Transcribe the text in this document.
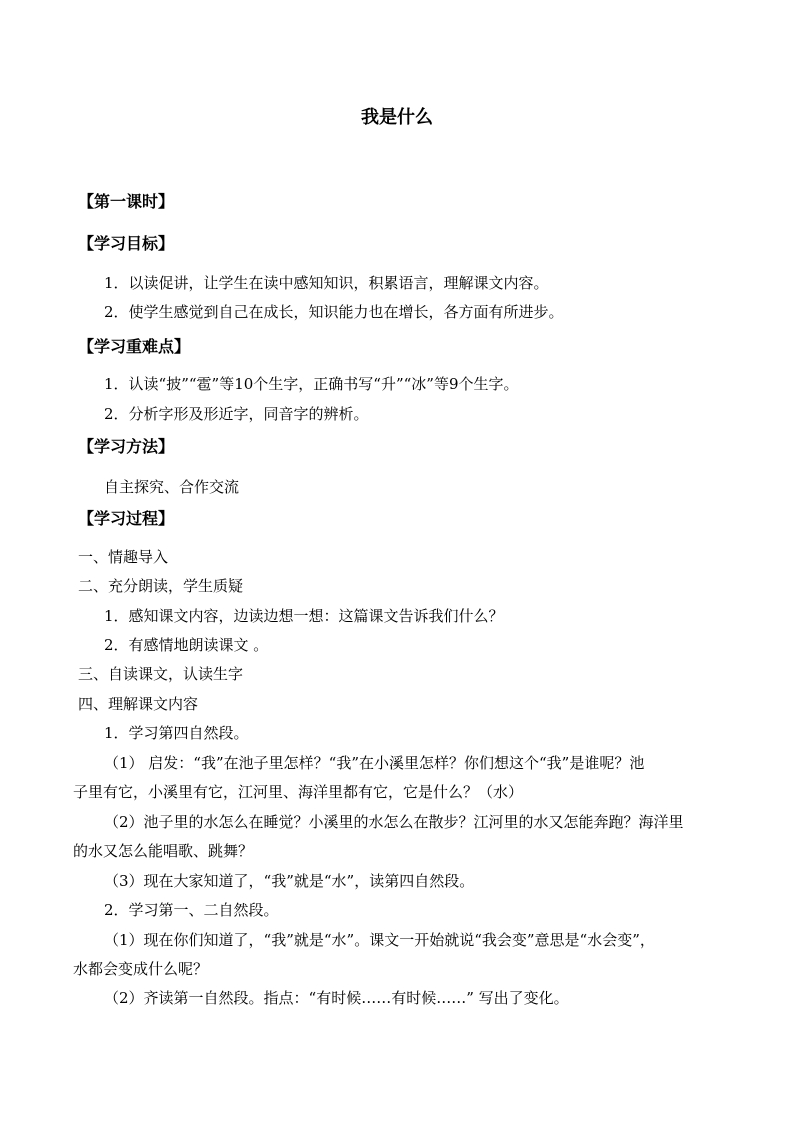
我是什么
【第一课时】
【学习目标】
1．以读促讲，让学生在读中感知知识，积累语言，理解课文内容。
2．使学生感觉到自己在成长，知识能力也在增长，各方面有所进步。
【学习重难点】
1．认读“披”“雹”等10个生字，正确书写“升”“冰”等9个生字。
2．分析字形及形近字，同音字的辨析。
【学习方法】
自主探究、合作交流
【学习过程】
一、情趣导入
二、充分朗读，学生质疑
1．感知课文内容，边读边想一想：这篇课文告诉我们什么？
2．有感情地朗读课文 。
三、自读课文，认读生字
四、理解课文内容
1．学习第四自然段。
（1） 启发：“我”在池子里怎样？“我”在小溪里怎样？你们想这个“我”是谁呢？池
子里有它，小溪里有它，江河里、海洋里都有它，它是什么？（水）
（2）池子里的水怎么在睡觉？小溪里的水怎么在散步？江河里的水又怎能奔跑？海洋里
的水又怎么能唱歌、跳舞？
（3）现在大家知道了，“我”就是“水”，读第四自然段。
2．学习第一、二自然段。
（1）现在你们知道了，“我”就是“水”。课文一开始就说“我会变”意思是“水会变”，
水都会变成什么呢？
（2）齐读第一自然段。指点：“有时候……有时候……” 写出了变化。
